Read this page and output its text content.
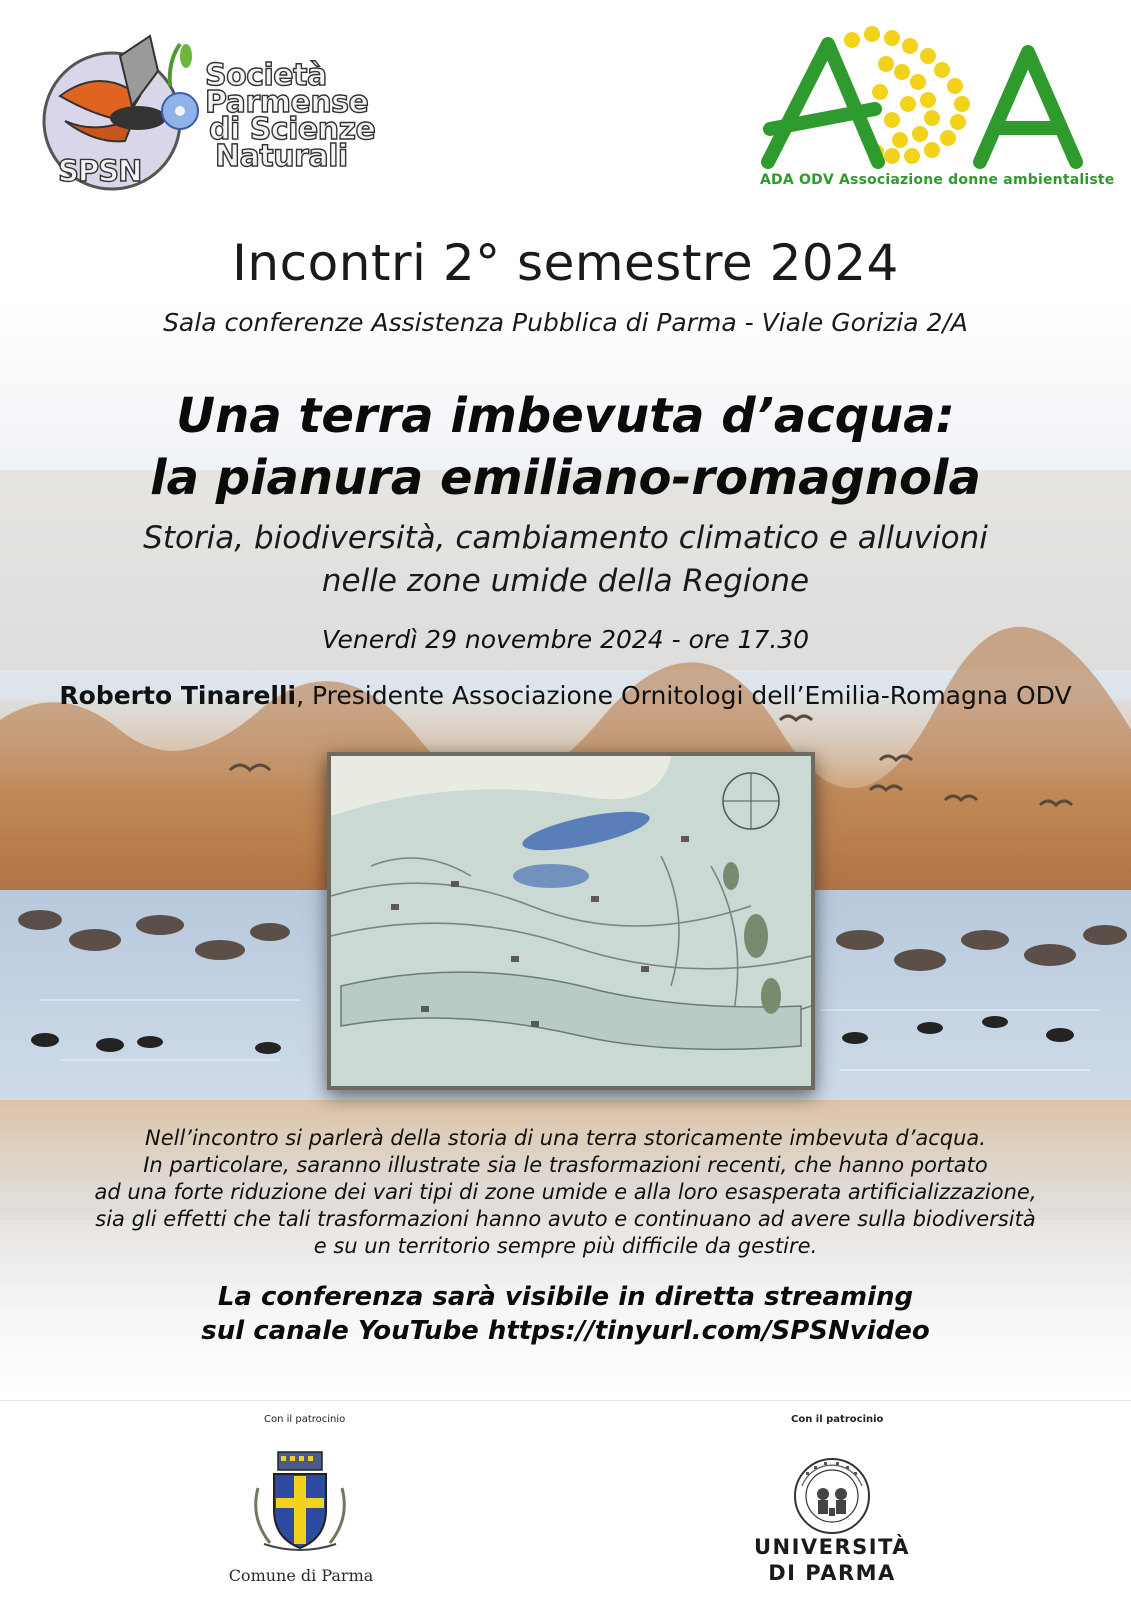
SPSN
Società
Parmense
di Scienze
Naturali
ADA ODV Associazione donne ambientaliste
Incontri 2° semestre 2024
Sala conferenze Assistenza Pubblica di Parma - Viale Gorizia 2/A
Una terra imbevuta d’acqua:
la pianura emiliano-romagnola
Storia, biodiversità, cambiamento climatico e alluvioni
nelle zone umide della Regione
Venerdì 29 novembre 2024 - ore 17.30
Roberto Tinarelli, Presidente Associazione Ornitologi dell’Emilia-Romagna ODV
Nell’incontro si parlerà della storia di una terra storicamente imbevuta d’acqua.
In particolare, saranno illustrate sia le trasformazioni recenti, che hanno portato
ad una forte riduzione dei vari tipi di zone umide e alla loro esasperata artificializzazione,
sia gli effetti che tali trasformazioni hanno avuto e continuano ad avere sulla biodiversità
e su un territorio sempre più difficile da gestire.
La conferenza sarà visibile in diretta streaming
sul canale YouTube https://tinyurl.com/SPSNvideo
Con il patrocinio
Comune di Parma
Con il patrocinio
UNIVERSITÀ
DI PARMA
